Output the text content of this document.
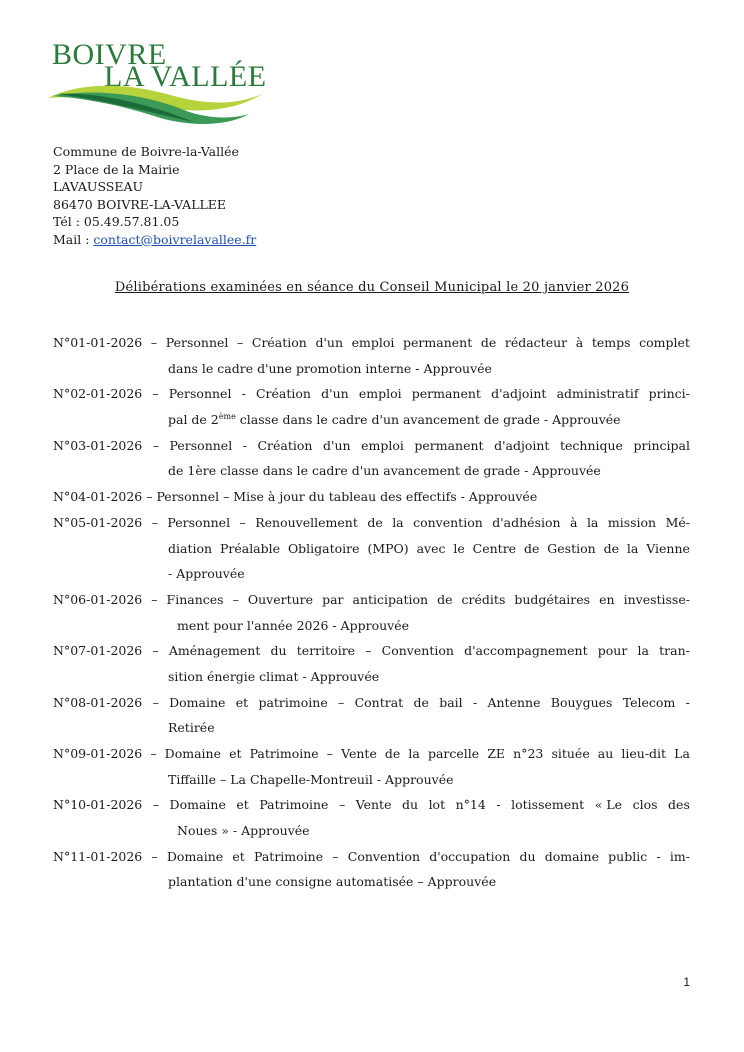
BOIVRE
LA VALLÉE
Commune de Boivre-la-Vallée
2 Place de la Mairie
LAVAUSSEAU
86470 BOIVRE-LA-VALLEE
Tél : 05.49.57.81.05
Mail : contact@boivrelavallee.fr
Délibérations examinées en séance du Conseil Municipal le 20 janvier 2026
N°01-01-2026 – Personnel – Création d'un emploi permanent de rédacteur à temps complet
dans le cadre d'une promotion interne - Approuvée
N°02-01-2026 – Personnel - Création d'un emploi permanent d'adjoint administratif princi-
pal de 2ème classe dans le cadre d'un avancement de grade - Approuvée
N°03-01-2026 – Personnel - Création d'un emploi permanent d'adjoint technique principal
de 1ère classe dans le cadre d'un avancement de grade - Approuvée
N°04-01-2026 – Personnel – Mise à jour du tableau des effectifs - Approuvée
N°05-01-2026 – Personnel – Renouvellement de la convention d'adhésion à la mission Mé-
diation Préalable Obligatoire (MPO) avec le Centre de Gestion de la Vienne
- Approuvée
N°06-01-2026 – Finances – Ouverture par anticipation de crédits budgétaires en investisse-
ment pour l'année 2026 - Approuvée
N°07-01-2026 – Aménagement du territoire – Convention d'accompagnement pour la tran-
sition énergie climat - Approuvée
N°08-01-2026 – Domaine et patrimoine – Contrat de bail - Antenne Bouygues Telecom -
Retirée
N°09-01-2026 – Domaine et Patrimoine – Vente de la parcelle ZE n°23 située au lieu-dit La
Tiffaille – La Chapelle-Montreuil - Approuvée
N°10-01-2026 – Domaine et Patrimoine – Vente du lot n°14 - lotissement « Le clos des
Noues » - Approuvée
N°11-01-2026 – Domaine et Patrimoine – Convention d'occupation du domaine public - im-
plantation d'une consigne automatisée – Approuvée
1
